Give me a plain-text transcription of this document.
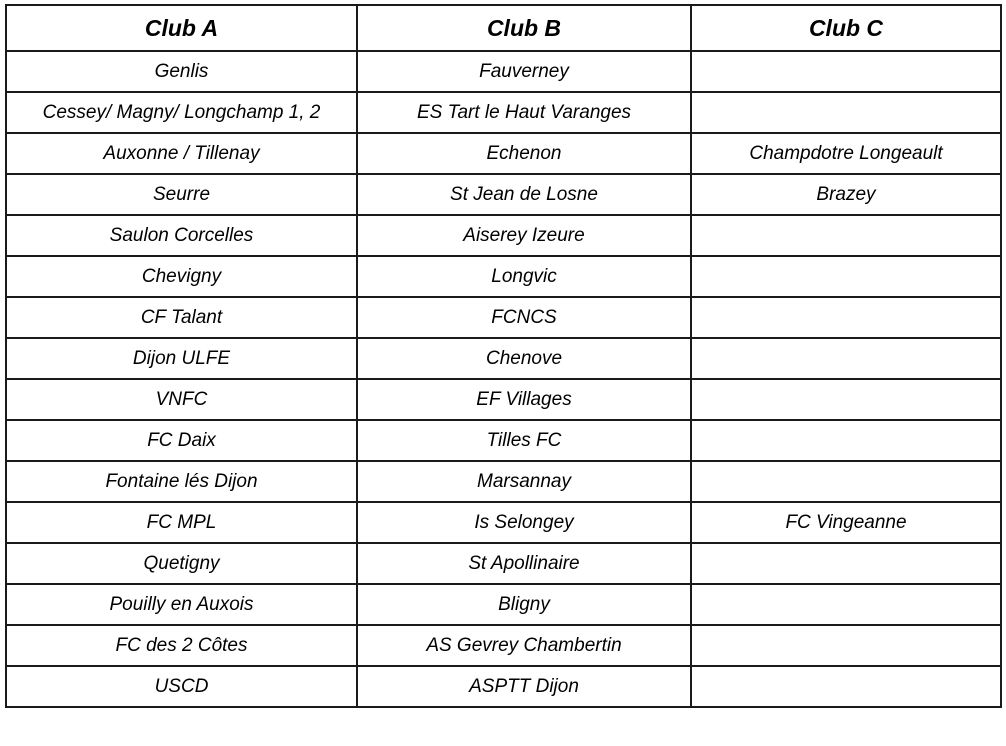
Club A	Club B	Club C
Genlis	Fauverney	
Cessey/ Magny/ Longchamp 1, 2	ES Tart le Haut Varanges	
Auxonne / Tillenay	Echenon	Champdotre Longeault
Seurre	St Jean de Losne	Brazey
Saulon Corcelles	Aiserey Izeure	
Chevigny	Longvic	
CF Talant	FCNCS	
Dijon ULFE	Chenove	
VNFC	EF Villages	
FC Daix	Tilles FC	
Fontaine lés Dijon	Marsannay	
FC MPL	Is Selongey	FC Vingeanne
Quetigny	St Apollinaire	
Pouilly en Auxois	Bligny	
FC des 2 Côtes	AS Gevrey Chambertin	
USCD	ASPTT Dijon	
